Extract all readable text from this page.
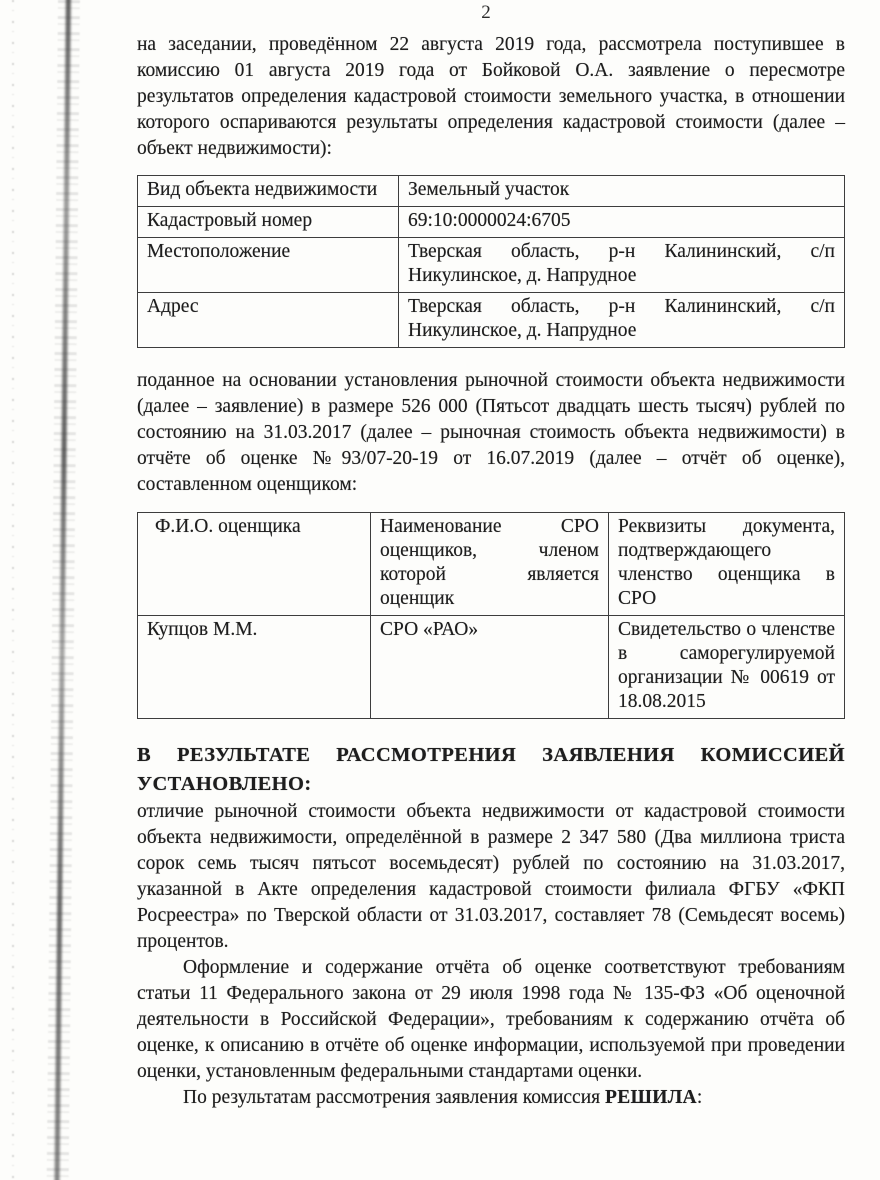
2

на заседании, проведённом 22 августа 2019 года, рассмотрела поступившее в комиссию 01 августа 2019 года от Бойковой О.А. заявление о пересмотре результатов определения кадастровой стоимости земельного участка, в отношении которого оспариваются результаты определения кадастровой стоимости (далее – объект недвижимости):

Вид объекта недвижимости	Земельный участок
Кадастровый номер	69:10:0000024:6705
Местоположение	Тверская область, р-н Калининский, с/п Никулинское, д. Напрудное
Адрес	Тверская область, р-н Калининский, с/п Никулинское, д. Напрудное

поданное на основании установления рыночной стоимости объекта недвижимости (далее – заявление) в размере 526 000 (Пятьсот двадцать шесть тысяч) рублей по состоянию на 31.03.2017 (далее – рыночная стоимость объекта недвижимости) в отчёте об оценке №93/07-20-19 от 16.07.2019 (далее – отчёт об оценке), составленном оценщиком:

Ф.И.О. оценщика	Наименование СРО оценщиков, членом которой является оценщик	Реквизиты документа, подтверждающего членство оценщика в СРО
Купцов М.М.	СРО «РАО»	Свидетельство о членстве в саморегулируемой организации № 00619 от 18.08.2015

В РЕЗУЛЬТАТЕ РАССМОТРЕНИЯ ЗАЯВЛЕНИЯ КОМИССИЕЙ УСТАНОВЛЕНО:

отличие рыночной стоимости объекта недвижимости от кадастровой стоимости объекта недвижимости, определённой в размере 2 347 580 (Два миллиона триста сорок семь тысяч пятьсот восемьдесят) рублей по состоянию на 31.03.2017, указанной в Акте определения кадастровой стоимости филиала ФГБУ «ФКП Росреестра» по Тверской области от 31.03.2017, составляет 78 (Семьдесят восемь) процентов.

Оформление и содержание отчёта об оценке соответствуют требованиям статьи 11 Федерального закона от 29 июля 1998 года № 135-ФЗ «Об оценочной деятельности в Российской Федерации», требованиям к содержанию отчёта об оценке, к описанию в отчёте об оценке информации, используемой при проведении оценки, установленным федеральными стандартами оценки.

По результатам рассмотрения заявления комиссия РЕШИЛА:
